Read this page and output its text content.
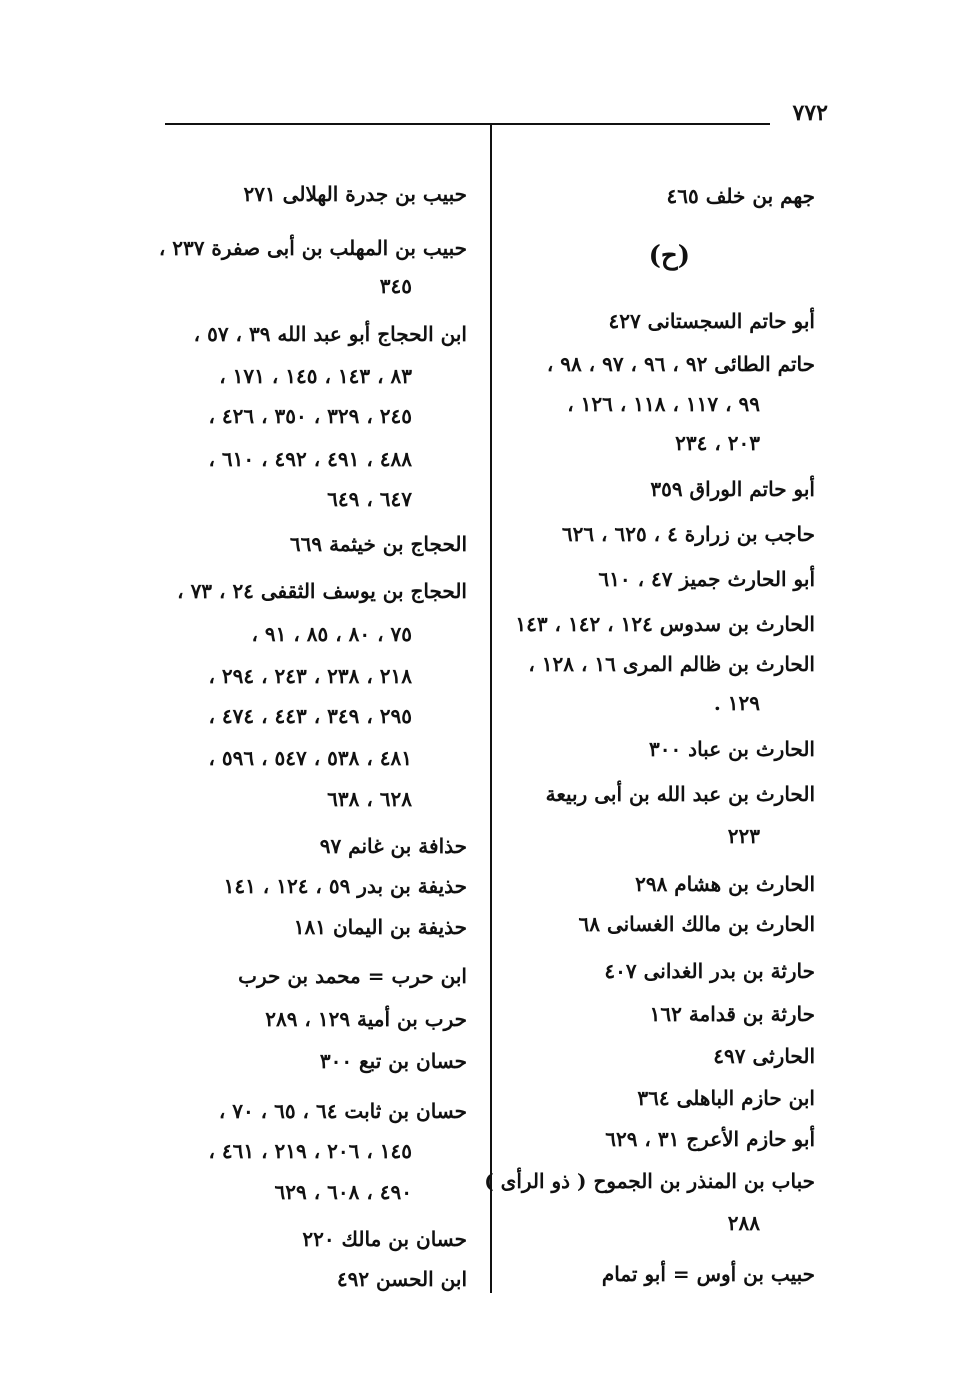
٧٧٢
جهم بن خلف ٤٦٥
(ح)
أبو حاتم السجستانى ٤٢٧
حاتم الطائى ٩٢ ، ٩٦ ، ٩٧ ، ٩٨ ،
٩٩ ، ١١٧ ، ١١٨ ، ١٢٦ ،
٢٠٣ ، ٢٣٤
أبو حاتم الوراق ٣٥٩
حاجب بن زرارة ٤ ، ٦٢٥ ، ٦٢٦
أبو الحارث جميز ٤٧ ، ٦١٠
الحارث بن سدوس ١٢٤ ، ١٤٢ ، ١٤٣
الحارث بن ظالم المرى ١٦ ، ١٢٨ ،
١٢٩ .
الحارث بن عباد ٣٠٠
الحارث بن عبد الله بن أبى ربيعة
٢٢٣
الحارث بن هشام ٢٩٨
الحارث بن مالك الغسانى ٦٨
حارثة بن بدر الغدانى ٤٠٧
حارثة بن قدامة ١٦٢
الحارثى ٤٩٧
ابن حازم الباهلى ٣٦٤
أبو حازم الأعرج ٣١ ، ٦٢٩
حباب بن المنذر بن الجموح ( ذو الرأى )
٢٨٨
حبيب بن أوس = أبو تمام
حبيب بن جدرة الهلالى ٢٧١
حبيب بن المهلب بن أبى صفرة ٢٣٧ ،
٣٤٥
ابن الحجاج أبو عبد الله ٣٩ ، ٥٧ ،
٨٣ ، ١٤٣ ، ١٤٥ ، ١٧١ ،
٢٤٥ ، ٣٢٩ ، ٣٥٠ ، ٤٢٦ ،
٤٨٨ ، ٤٩١ ، ٤٩٢ ، ٦١٠ ،
٦٤٧ ، ٦٤٩
الحجاج بن خيثمة ٦٦٩
الحجاج بن يوسف الثقفى ٢٤ ، ٧٣ ،
٧٥ ، ٨٠ ، ٨٥ ، ٩١ ،
٢١٨ ، ٢٣٨ ، ٢٤٣ ، ٢٩٤ ،
٢٩٥ ، ٣٤٩ ، ٤٤٣ ، ٤٧٤ ،
٤٨١ ، ٥٣٨ ، ٥٤٧ ، ٥٩٦ ،
٦٢٨ ، ٦٣٨
حذافة بن غانم ٩٧
حذيفة بن بدر ٥٩ ، ١٢٤ ، ١٤١
حذيفة بن اليمان ١٨١
ابن حرب = محمد بن حرب
حرب بن أمية ١٢٩ ، ٢٨٩
حسان بن تبع ٣٠٠
حسان بن ثابت ٦٤ ، ٦٥ ، ٧٠ ،
١٤٥ ، ٢٠٦ ، ٢١٩ ، ٤٦١ ،
٤٩٠ ، ٦٠٨ ، ٦٢٩
حسان بن مالك ٢٢٠
ابن الحسن ٤٩٢
